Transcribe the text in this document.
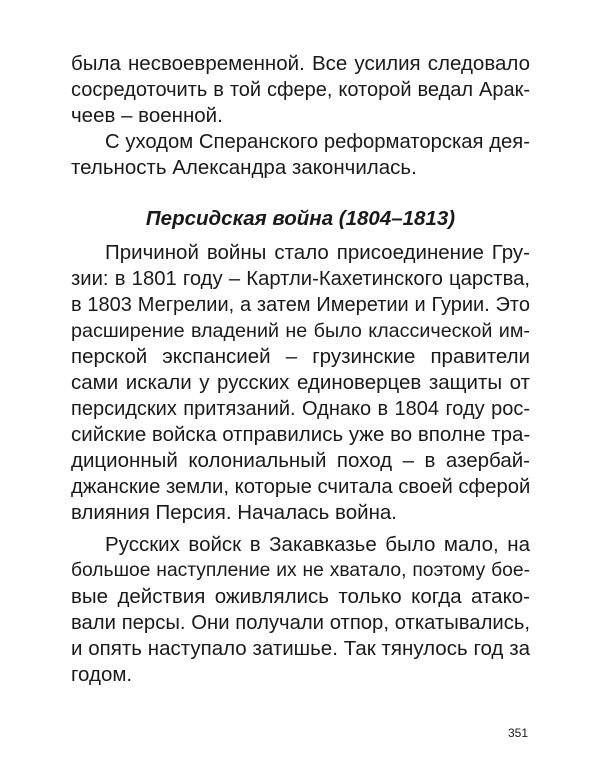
была несвоевременной. Все усилия следовало
сосредоточить в той сфере, которой ведал Арак-
чеев – военной.
С уходом Сперанского реформаторская дея-
тельность Александра закончилась.
Персидская война (1804–1813)
Причиной войны стало присоединение Гру-
зии: в 1801 году – Картли-Кахетинского царства,
в 1803 Мегрелии, а затем Имеретии и Гурии. Это
расширение владений не было классической им-
перской экспансией – грузинские правители
сами искали у русских единоверцев защиты от
персидских притязаний. Однако в 1804 году рос-
сийские войска отправились уже во вполне тра-
диционный колониальный поход – в азербай-
джанские земли, которые считала своей сферой
влияния Персия. Началась война.
Русских войск в Закавказье было мало, на
большое наступление их не хватало, поэтому бое-
вые действия оживлялись только когда атако-
вали персы. Они получали отпор, откатывались,
и опять наступало затишье. Так тянулось год за
годом.
351
